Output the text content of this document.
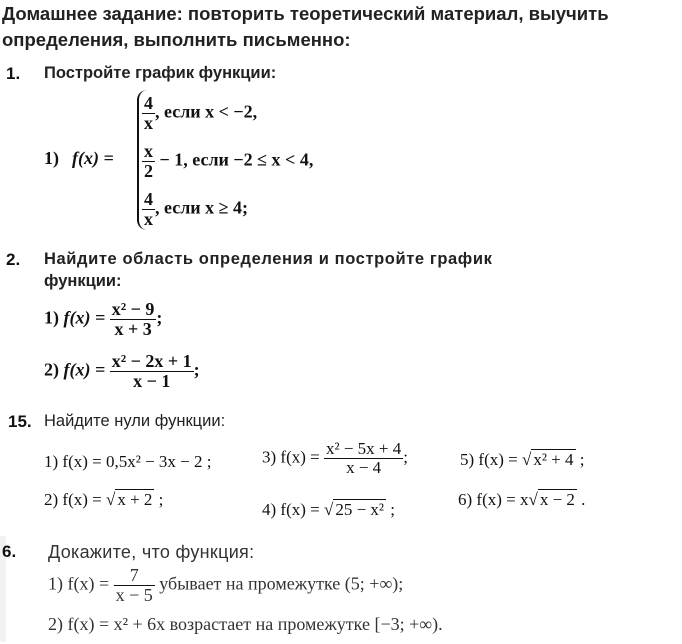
Домашнее задание: повторить теоретический материал, выучить
определения, выполнить письменно:
1. Постройте график функции:
1) f(x) =
$\frac{4}{x}$ , если x < −2,
$\frac{x}{2} - 1$, если −2 ≤ x < 4,
$\frac{4}{x}$ , если x ≥ 4;
2. Найдите область определения и постройте график
функции:
1) $f(x) = \frac{\text{x² − 9}}{x + 3}$ ;
2) $f(x) = \frac{\text{x² − 2x + 1}}{x - 1}$ ;
15. Найдите нули функции:
1) f(x) = 0,5x² − 3x − 2 ;	3) $f(x) = \frac{\text{x² − 5x + 4}}{x - 4}$ ;	5) f(x) = √ x² + 4 ;
2) f(x) = √ x + 2 ;
4) f(x) = √ 25 − x² ;
6) f(x) = x√ x − 2 .
6. Докажите, что функция:
1) $f(x) = \frac{7}{x - 5}$ убывает на промежутке (5; +∞);
2) f(x) = x² + 6x возрастает на промежутке [−3; +∞).
